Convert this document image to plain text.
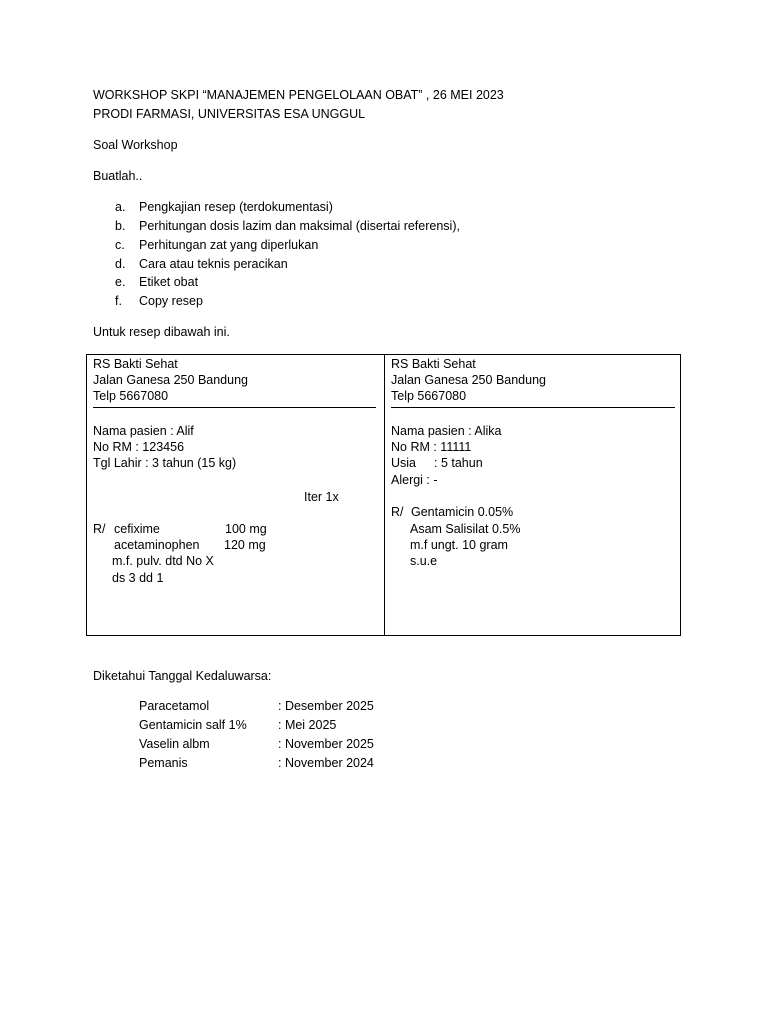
WORKSHOP SKPI “MANAJEMEN PENGELOLAAN OBAT” , 26 MEI 2023
PRODI FARMASI, UNIVERSITAS ESA UNGGUL
Soal Workshop
Buatlah..
a. Pengkajian resep (terdokumentasi)
b. Perhitungan dosis lazim dan maksimal (disertai referensi),
c. Perhitungan zat yang diperlukan
d. Cara atau teknis peracikan
e. Etiket obat
f. Copy resep
Untuk resep dibawah ini.
RS Bakti Sehat
Jalan Ganesa 250 Bandung
Telp 5667080
Nama pasien : Alif
No RM : 123456
Tgl Lahir : 3 tahun (15 kg)
Iter 1x
R/ cefixime	100 mg
acetaminophen 120 mg
m.f. pulv. dtd No X
ds 3 dd 1
RS Bakti Sehat
Jalan Ganesa 250 Bandung
Telp 5667080
Nama pasien : Alika
No RM : 11111
Usia : 5 tahun
Alergi : -
R/ Gentamicin 0.05%
Asam Salisilat 0.5%
m.f ungt. 10 gram
s.u.e
Diketahui Tanggal Kedaluwarsa:
Paracetamol	: Desember 2025
Gentamicin salf 1%	: Mei 2025
Vaselin albm	: November 2025
Pemanis	: November 2024
